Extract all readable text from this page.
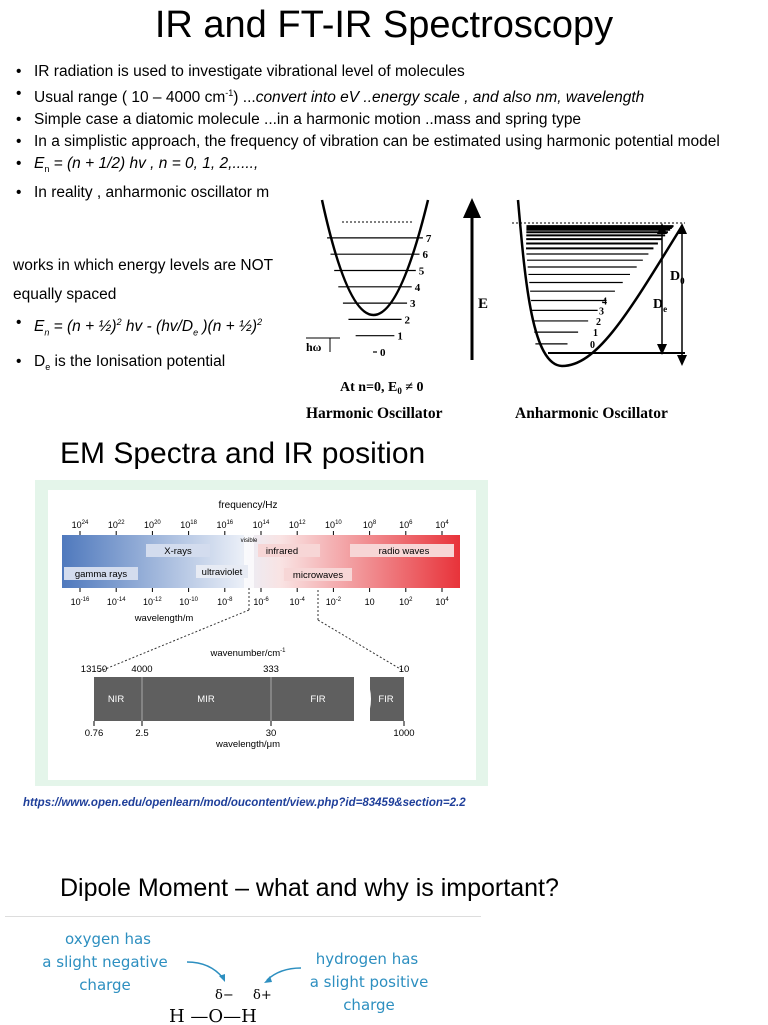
IR and FT-IR Spectroscopy
• IR radiation is used to investigate vibrational level of molecules
• Usual range ( 10 – 4000 $cm^{-1}$) ...convert into eV ..energy scale , and also nm, wavelength
• Simple case a diatomic molecule ...in a harmonic motion ..mass and spring type
• In a simplistic approach, the frequency of vibration can be estimated using harmonic potential model
• $E_n = (n + 1/2)$ hv , n = 0, 1, 2,.....,
• In reality , anharmonic oscillator m
works in which energy levels are NOT
equally spaced
• $E_n = (n$ + ½)$^2$ hv - ($hv/D_e$ )(n + ½)$^2$
• $D_e$ is the Ionisation potential
0
1
2
3
4
5
6
7
hω
E
0
1
2
3
4
$D_0$
$D_e$
At n=0, $E_0 \ne 0$
Harmonic Oscillator	Anharmonic Oscillator
EM Spectra and IR position
frequency/Hz
$10^{24}$ $10^{22}$ $10^{20}$ $10^{18}$ $10^{16}$ $10^{14}$ $10^{12}$ $10^{10}$ $10^8$	$10^6$	$10^4$
visible
X-rays	infrared	radio waves
gamma rays	ultraviolet	microwaves
$10^{-16}$ $10^{-14}$ $10^{-12}$ $10^{-10}$ $10^{-8}$ $10^{-6}$ $10^{-4}$ $10^{-2}$	10	$10^2$	$10^4$
wavelength/m
wavenumber/$cm^{-1}$
13150	4000	333	10
NIR	MIR	FIR	FIR
0.76	2.5	30	1000
wavelength/μm
https://www.open.edu/openlearn/mod/oucontent/view.php?id=83459&section=2.2
Dipole Moment – what and why is important?
oxygen has
a slight negative
charge
hydrogen has
a slight positive
charge
δ− δ+
H —O—H
